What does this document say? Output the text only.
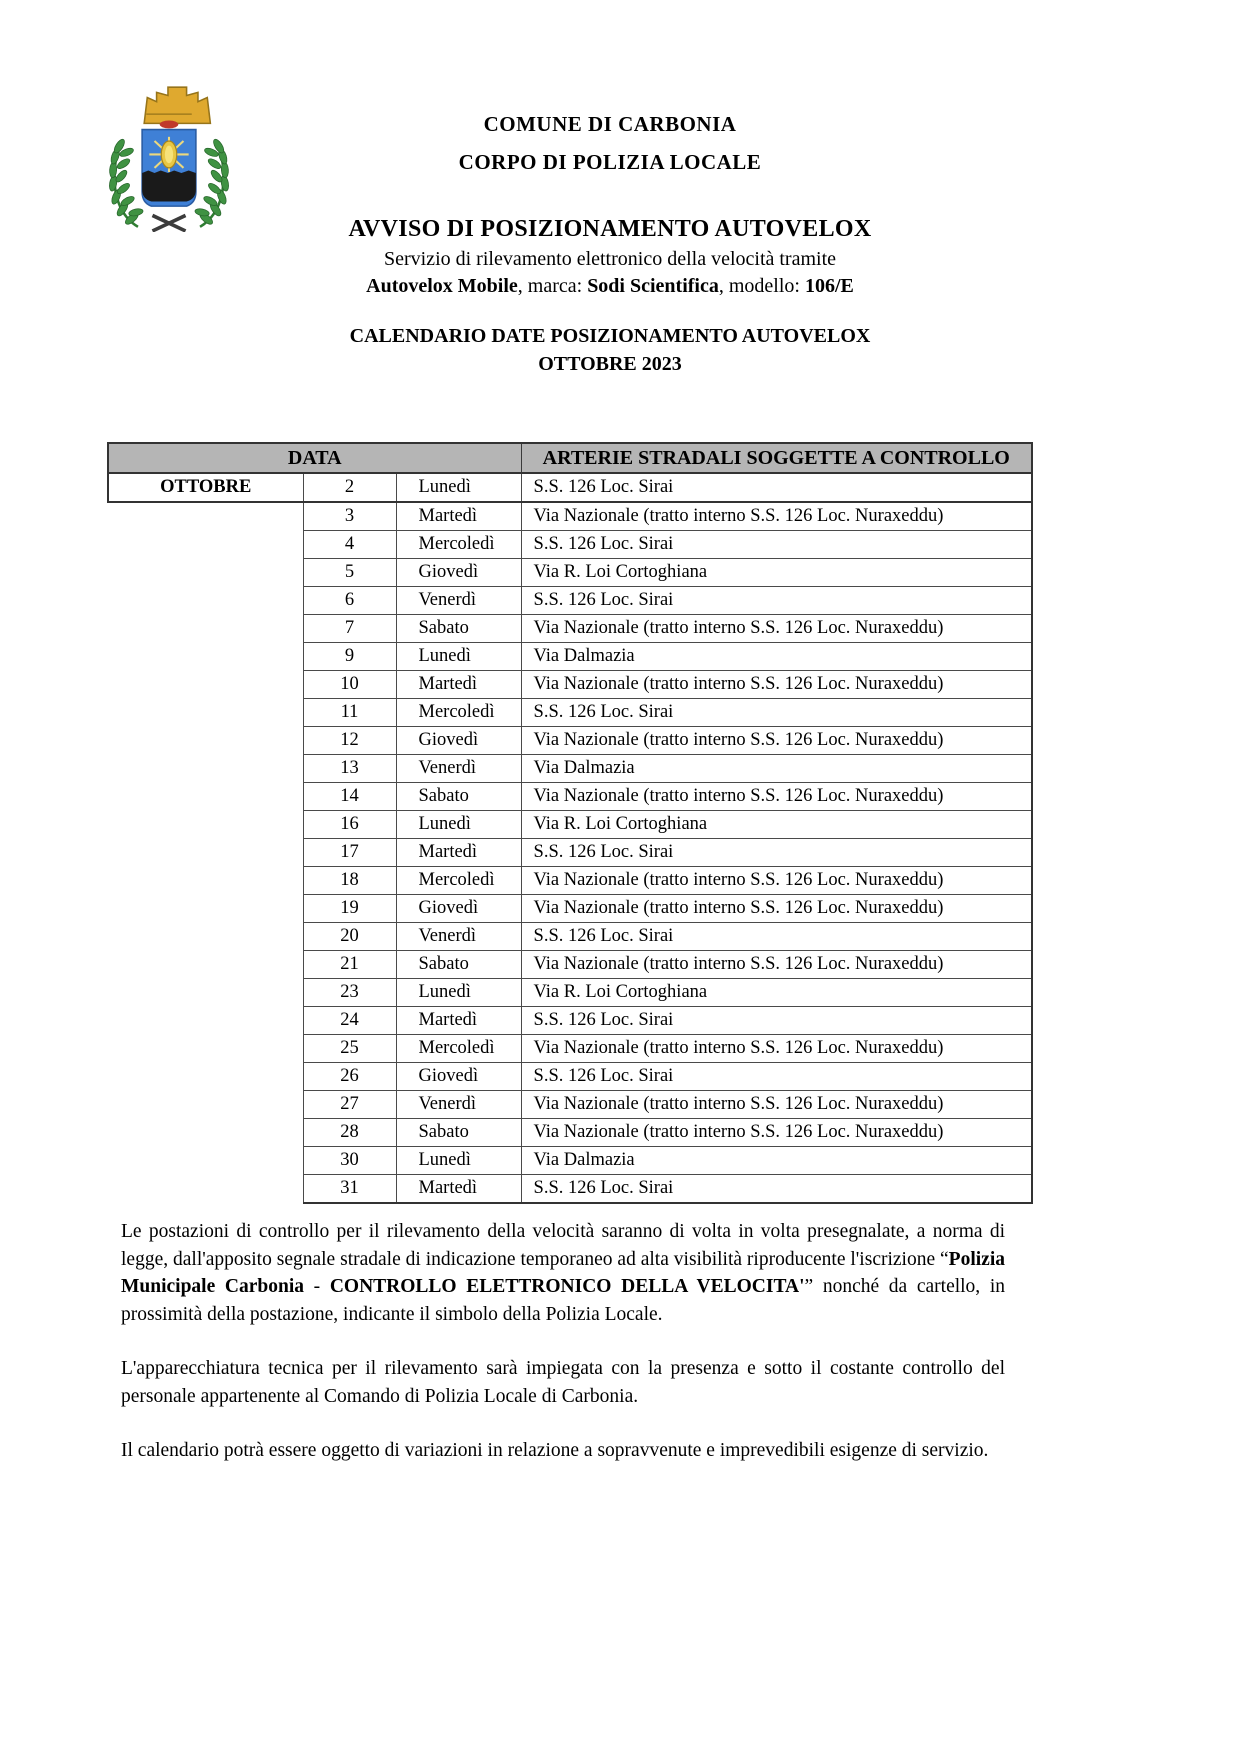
COMUNE DI CARBONIA
CORPO DI POLIZIA LOCALE
AVVISO DI POSIZIONAMENTO AUTOVELOX
Servizio di rilevamento elettronico della velocità tramite
Autovelox Mobile, marca: Sodi Scientifica, modello: 106/E
CALENDARIO DATE POSIZIONAMENTO AUTOVELOX
OTTOBRE 2023
DATA			ARTERIE STRADALI SOGGETTE A CONTROLLO
OTTOBRE	2	Lunedì	S.S. 126 Loc. Sirai
	3	Martedì	Via Nazionale (tratto interno S.S. 126 Loc. Nuraxeddu)
	4	Mercoledì	S.S. 126 Loc. Sirai
	5	Giovedì	Via R. Loi Cortoghiana
	6	Venerdì	S.S. 126 Loc. Sirai
	7	Sabato	Via Nazionale (tratto interno S.S. 126 Loc. Nuraxeddu)
	9	Lunedì	Via Dalmazia
	10	Martedì	Via Nazionale (tratto interno S.S. 126 Loc. Nuraxeddu)
	11	Mercoledì	S.S. 126 Loc. Sirai
	12	Giovedì	Via Nazionale (tratto interno S.S. 126 Loc. Nuraxeddu)
	13	Venerdì	Via Dalmazia
	14	Sabato	Via Nazionale (tratto interno S.S. 126 Loc. Nuraxeddu)
	16	Lunedì	Via R. Loi Cortoghiana
	17	Martedì	S.S. 126 Loc. Sirai
	18	Mercoledì	Via Nazionale (tratto interno S.S. 126 Loc. Nuraxeddu)
	19	Giovedì	Via Nazionale (tratto interno S.S. 126 Loc. Nuraxeddu)
	20	Venerdì	S.S. 126 Loc. Sirai
	21	Sabato	Via Nazionale (tratto interno S.S. 126 Loc. Nuraxeddu)
	23	Lunedì	Via R. Loi Cortoghiana
	24	Martedì	S.S. 126 Loc. Sirai
	25	Mercoledì	Via Nazionale (tratto interno S.S. 126 Loc. Nuraxeddu)
	26	Giovedì	S.S. 126 Loc. Sirai
	27	Venerdì	Via Nazionale (tratto interno S.S. 126 Loc. Nuraxeddu)
	28	Sabato	Via Nazionale (tratto interno S.S. 126 Loc. Nuraxeddu)
	30	Lunedì	Via Dalmazia
	31	Martedì	S.S. 126 Loc. Sirai

Le postazioni di controllo per il rilevamento della velocità saranno di volta in volta presegnalate, a norma di legge, dall'apposito segnale stradale di indicazione temporaneo ad alta visibilità riproducente l'iscrizione “Polizia Municipale Carbonia - CONTROLLO ELETTRONICO DELLA VELOCITA'” nonché da cartello, in prossimità della postazione, indicante il simbolo della Polizia Locale.

L'apparecchiatura tecnica per il rilevamento sarà impiegata con la presenza e sotto il costante controllo del personale appartenente al Comando di Polizia Locale di Carbonia.

Il calendario potrà essere oggetto di variazioni in relazione a sopravvenute e imprevedibili esigenze di servizio.
